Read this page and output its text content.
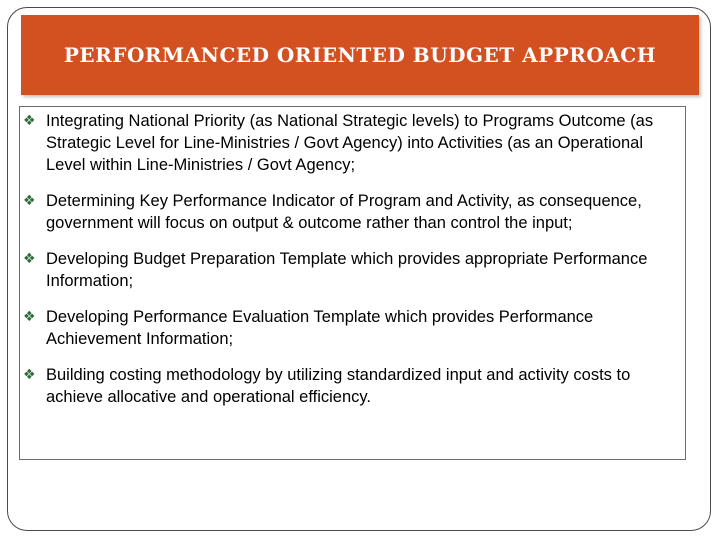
PERFORMANCED ORIENTED BUDGET APPROACH
❖ Integrating National Priority (as National Strategic levels) to Programs Outcome (as Strategic Level for Line-Ministries / Govt Agency) into Activities (as an Operational Level within Line-Ministries / Govt Agency;
❖ Determining Key Performance Indicator of Program and Activity, as consequence, government will focus on output & outcome rather than control the input;
❖ Developing Budget Preparation Template which provides appropriate Performance Information;
❖ Developing Performance Evaluation Template which provides Performance Achievement Information;
❖ Building costing methodology by utilizing standardized input and activity costs to achieve allocative and operational efficiency.
